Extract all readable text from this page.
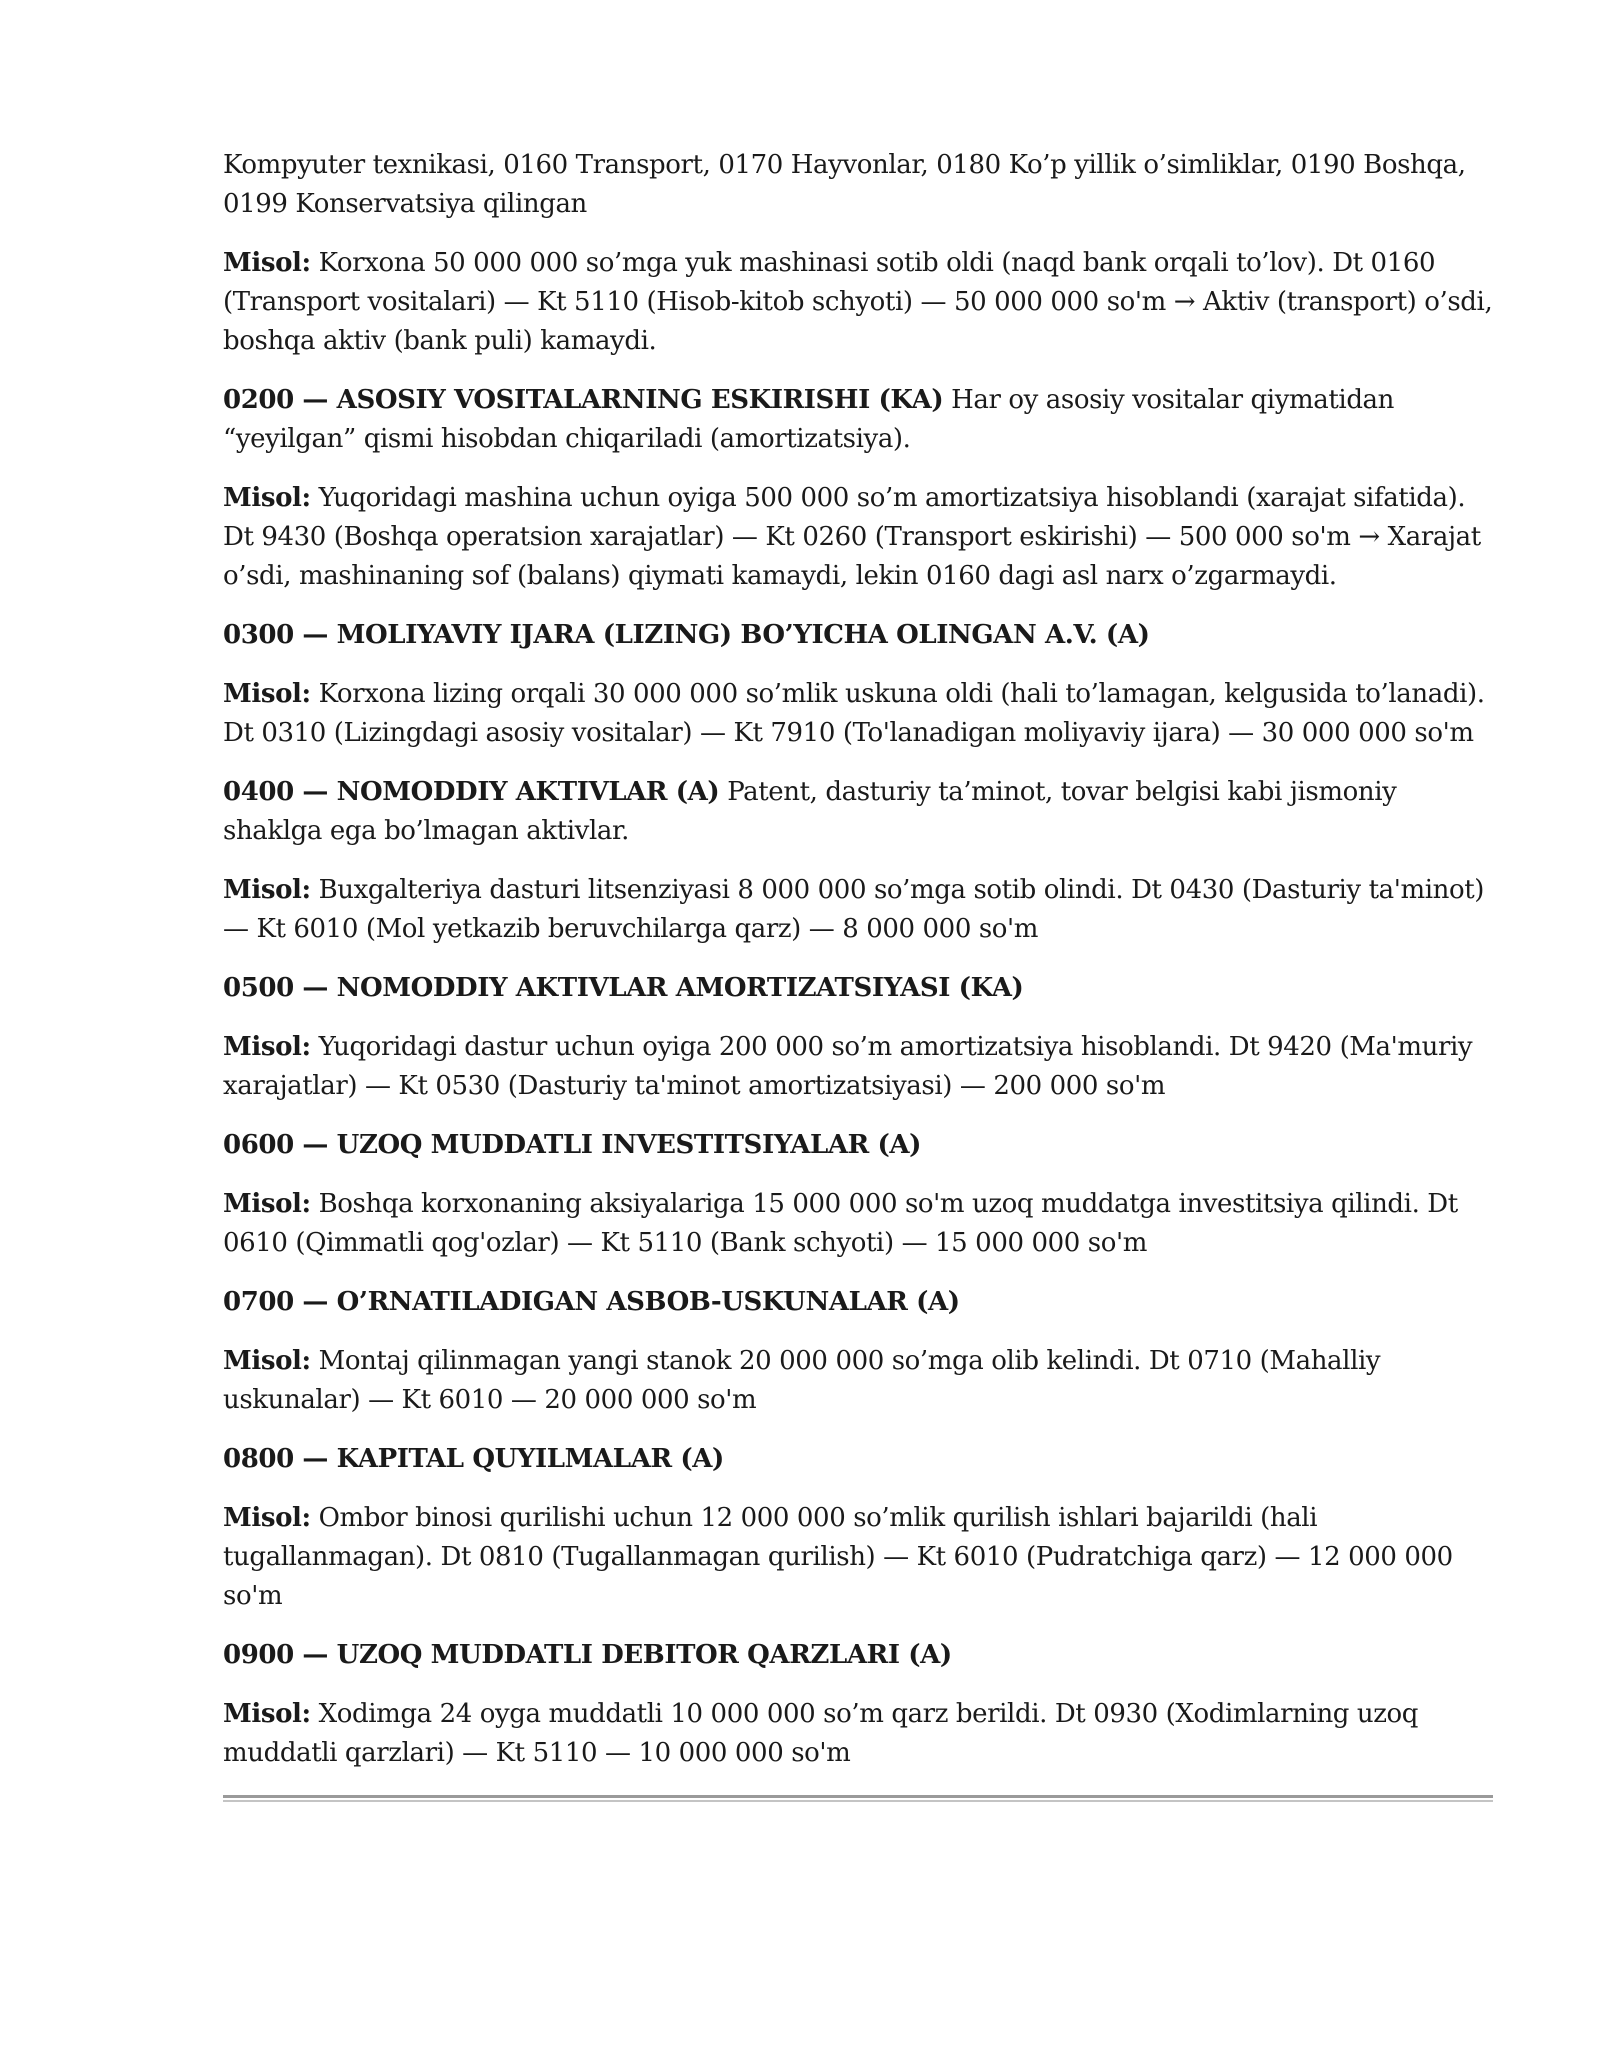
Kompyuter texnikasi, 0160 Transport, 0170 Hayvonlar, 0180 Ko’p yillik o’simliklar, 0190 Boshqa, 0199 Konservatsiya qilingan

Misol: Korxona 50 000 000 so’mga yuk mashinasi sotib oldi (naqd bank orqali to’lov). Dt 0160 (Transport vositalari) — Kt 5110 (Hisob-kitob schyoti) — 50 000 000 so'm → Aktiv (transport) o’sdi, boshqa aktiv (bank puli) kamaydi.

0200 — ASOSIY VOSITALARNING ESKIRISHI (KA) Har oy asosiy vositalar qiymatidan “yeyilgan” qismi hisobdan chiqariladi (amortizatsiya).

Misol: Yuqoridagi mashina uchun oyiga 500 000 so’m amortizatsiya hisoblandi (xarajat sifatida). Dt 9430 (Boshqa operatsion xarajatlar) — Kt 0260 (Transport eskirishi) — 500 000 so'm → Xarajat o’sdi, mashinaning sof (balans) qiymati kamaydi, lekin 0160 dagi asl narx o’zgarmaydi.

0300 — MOLIYAVIY IJARA (LIZING) BO’YICHA OLINGAN A.V. (A)

Misol: Korxona lizing orqali 30 000 000 so’mlik uskuna oldi (hali to’lamagan, kelgusida to’lanadi). Dt 0310 (Lizingdagi asosiy vositalar) — Kt 7910 (To'lanadigan moliyaviy ijara) — 30 000 000 so'm

0400 — NOMODDIY AKTIVLAR (A) Patent, dasturiy ta’minot, tovar belgisi kabi jismoniy shaklga ega bo’lmagan aktivlar.

Misol: Buxgalteriya dasturi litsenziyasi 8 000 000 so’mga sotib olindi. Dt 0430 (Dasturiy ta'minot) — Kt 6010 (Mol yetkazib beruvchilarga qarz) — 8 000 000 so'm

0500 — NOMODDIY AKTIVLAR AMORTIZATSIYASI (KA)

Misol: Yuqoridagi dastur uchun oyiga 200 000 so’m amortizatsiya hisoblandi. Dt 9420 (Ma'muriy xarajatlar) — Kt 0530 (Dasturiy ta'minot amortizatsiyasi) — 200 000 so'm

0600 — UZOQ MUDDATLI INVESTITSIYALAR (A)

Misol: Boshqa korxonaning aksiyalariga 15 000 000 so'm uzoq muddatga investitsiya qilindi. Dt 0610 (Qimmatli qog'ozlar) — Kt 5110 (Bank schyoti) — 15 000 000 so'm

0700 — O’RNATILADIGAN ASBOB-USKUNALAR (A)

Misol: Montaj qilinmagan yangi stanok 20 000 000 so’mga olib kelindi. Dt 0710 (Mahalliy uskunalar) — Kt 6010 — 20 000 000 so'm

0800 — KAPITAL QUYILMALAR (A)

Misol: Ombor binosi qurilishi uchun 12 000 000 so’mlik qurilish ishlari bajarildi (hali tugallanmagan). Dt 0810 (Tugallanmagan qurilish) — Kt 6010 (Pudratchiga qarz) — 12 000 000 so'm

0900 — UZOQ MUDDATLI DEBITOR QARZLARI (A)

Misol: Xodimga 24 oyga muddatli 10 000 000 so’m qarz berildi. Dt 0930 (Xodimlarning uzoq muddatli qarzlari) — Kt 5110 — 10 000 000 so'm
